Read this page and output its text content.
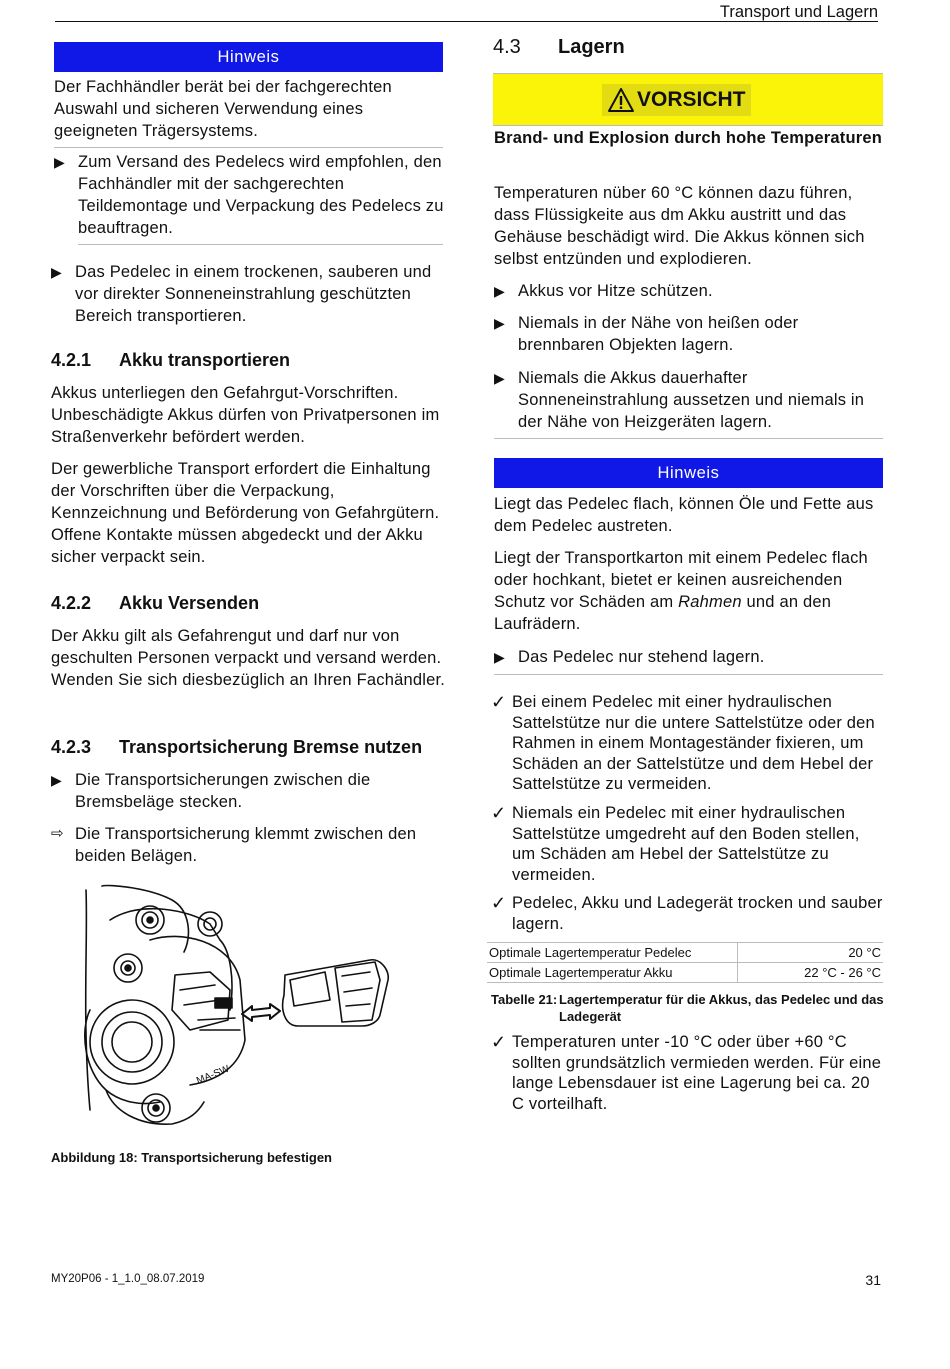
Transport und Lagern
Hinweis

Der Fachhändler berät bei der fachgerechten Auswahl und sicheren Verwendung eines geeigneten Trägersystems.

▶ Zum Versand des Pedelecs wird empfohlen, den Fachhändler mit der sachgerechten Teildemontage und Verpackung des Pedelecs zu beauftragen.

▶ Das Pedelec in einem trockenen, sauberen und vor direkter Sonneneinstrahlung geschützten Bereich transportieren.

4.2.1 Akku transportieren

Akkus unterliegen den Gefahrgut-Vorschriften. Unbeschädigte Akkus dürfen von Privatpersonen im Straßenverkehr befördert werden.

Der gewerbliche Transport erfordert die Einhaltung der Vorschriften über die Verpackung, Kennzeichnung und Beförderung von Gefahrgütern. Offene Kontakte müssen abgedeckt und der Akku sicher verpackt sein.

4.2.2 Akku Versenden

Der Akku gilt als Gefahrengut und darf nur von geschulten Personen verpackt und versand werden. Wenden Sie sich diesbezüglich an Ihren Fachändler.

4.2.3 Transportsicherung Bremse nutzen
▶ Die Transportsicherungen zwischen die Bremsbeläge stecken.

⇨ Die Transportsicherung klemmt zwischen den beiden Belägen.

MA-SW
Abbildung 18: Transportsicherung befestigen
4.3 Lagern
VORSICHT

Brand- und Explosion durch hohe Temperaturen

Temperaturen nüber 60 °C können dazu führen, dass Flüssigkeite aus dm Akku austritt und das Gehäuse beschädigt wird. Die Akkus können sich selbst entzünden und explodieren.

▶ Akkus vor Hitze schützen.

▶ Niemals in der Nähe von heißen oder brennbaren Objekten lagern.

▶ Niemals die Akkus dauerhafter Sonneneinstrahlung aussetzen und niemals in der Nähe von Heizgeräten lagern.

Hinweis

Liegt das Pedelec flach, können Öle und Fette aus dem Pedelec austreten.

Liegt der Transportkarton mit einem Pedelec flach oder hochkant, bietet er keinen ausreichenden Schutz vor Schäden am Rahmen und an den Laufrädern.

▶ Das Pedelec nur stehend lagern.

✓ Bei einem Pedelec mit einer hydraulischen Sattelstütze nur die untere Sattelstütze oder den Rahmen in einem Montageständer fixieren, um Schäden an der Sattelstütze und dem Hebel der Sattelstütze zu vermeiden.

✓ Niemals ein Pedelec mit einer hydraulischen Sattelstütze umgedreht auf den Boden stellen, um Schäden am Hebel der Sattelstütze zu vermeiden.

✓ Pedelec, Akku und Ladegerät trocken und sauber lagern.

Optimale Lagertemperatur Pedelec	20 °C
Optimale Lagertemperatur Akku	22 °C - 26 °C
Tabelle 21: Lagertemperatur für die Akkus, das Pedelec und das Ladegerät
✓ Temperaturen unter -10 °C oder über +60 °C sollten grundsätzlich vermieden werden. Für eine lange Lebensdauer ist eine Lagerung bei ca. 20 C vorteilhaft.

MY20P06 - 1_1.0_08.07.2019	31
